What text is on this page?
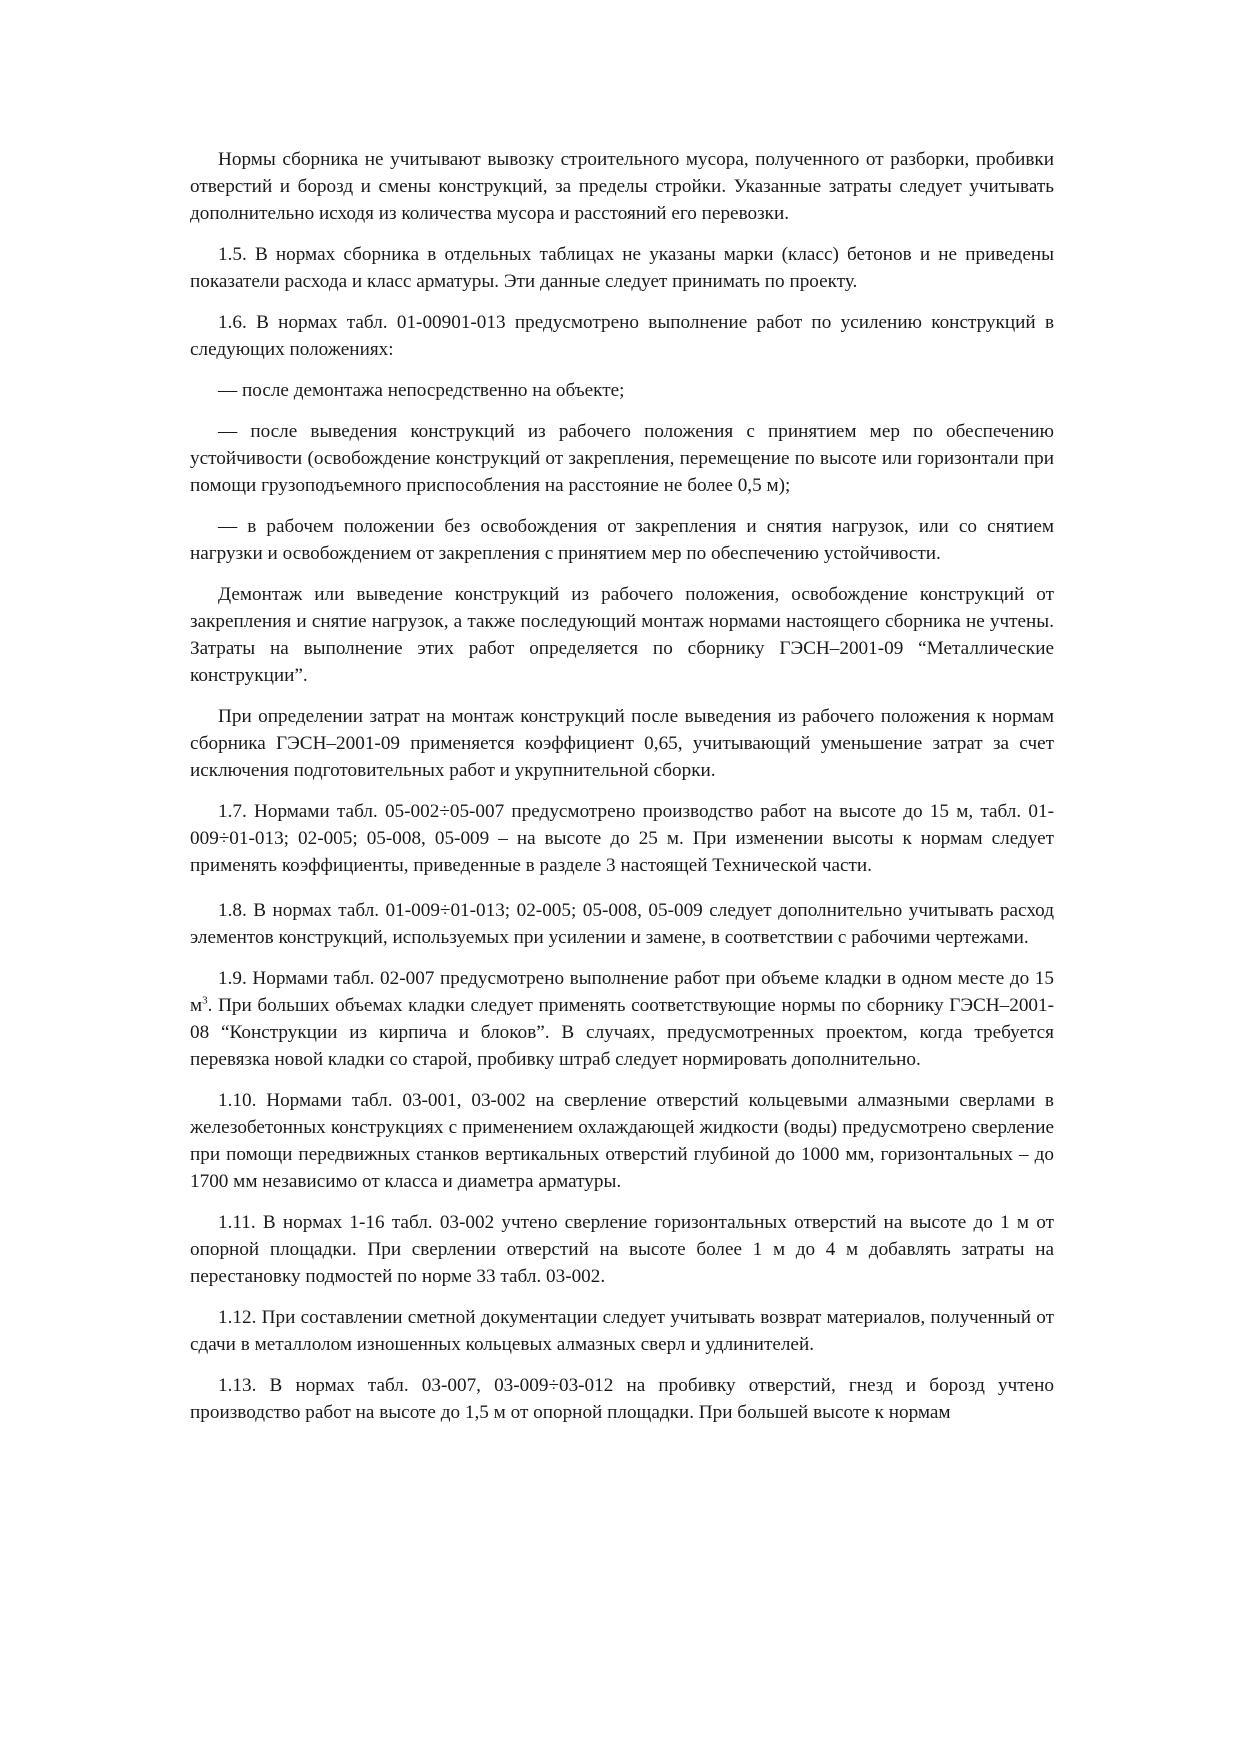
Нормы сборника не учитывают вывозку строительного мусора, полученного от разборки, пробивки отверстий и борозд и смены конструкций, за пределы стройки. Указанные затраты следует учитывать дополнительно исходя из количества мусора и расстояний его перевозки.

1.5. В нормах сборника в отдельных таблицах не указаны марки (класс) бетонов и не приведены показатели расхода и класс арматуры. Эти данные следует принимать по проекту.

1.6. В нормах табл. 01-00901-013 предусмотрено выполнение работ по усилению конструкций в следующих положениях:

— после демонтажа непосредственно на объекте;

— после выведения конструкций из рабочего положения с принятием мер по обеспечению устойчивости (освобождение конструкций от закрепления, перемещение по высоте или горизонтали при помощи грузоподъемного приспособления на расстояние не более 0,5 м);

— в рабочем положении без освобождения от закрепления и снятия нагрузок, или со снятием нагрузки и освобождением от закрепления с принятием мер по обеспечению устойчивости.

Демонтаж или выведение конструкций из рабочего положения, освобождение конструкций от закрепления и снятие нагрузок, а также последующий монтаж нормами настоящего сборника не учтены. Затраты на выполнение этих работ определяется по сборнику ГЭСН–2001-09 “Металлические конструкции”.

При определении затрат на монтаж конструкций после выведения из рабочего положения к нормам сборника ГЭСН–2001-09 применяется коэффициент 0,65, учитывающий уменьшение затрат за счет исключения подготовительных работ и укрупнительной сборки.

1.7. Нормами табл. 05-002÷05-007 предусмотрено производство работ на высоте до 15 м, табл. 01-009÷01-013; 02-005; 05-008, 05-009 – на высоте до 25 м. При изменении высоты к нормам следует применять коэффициенты, приведенные в разделе 3 настоящей Технической части.

1.8. В нормах табл. 01-009÷01-013; 02-005; 05-008, 05-009 следует дополнительно учитывать расход элементов конструкций, используемых при усилении и замене, в соответствии с рабочими чертежами.

1.9. Нормами табл. 02-007 предусмотрено выполнение работ при объеме кладки в одном месте до 15 $м^3$. При больших объемах кладки следует применять соответствующие нормы по сборнику ГЭСН–2001-08 “Конструкции из кирпича и блоков”. В случаях, предусмотренных проектом, когда требуется перевязка новой кладки со старой, пробивку штраб следует нормировать дополнительно.

1.10. Нормами табл. 03-001, 03-002 на сверление отверстий кольцевыми алмазными сверлами в железобетонных конструкциях с применением охлаждающей жидкости (воды) предусмотрено сверление при помощи передвижных станков вертикальных отверстий глубиной до 1000 мм, горизонтальных – до 1700 мм независимо от класса и диаметра арматуры.

1.11. В нормах 1-16 табл. 03-002 учтено сверление горизонтальных отверстий на высоте до 1 м от опорной площадки. При сверлении отверстий на высоте более 1 м до 4 м добавлять затраты на перестановку подмостей по норме 33 табл. 03-002.

1.12. При составлении сметной документации следует учитывать возврат материалов, полученный от сдачи в металлолом изношенных кольцевых алмазных сверл и удлинителей.

1.13. В нормах табл. 03-007, 03-009÷03-012 на пробивку отверстий, гнезд и борозд учтено производство работ на высоте до 1,5 м от опорной площадки. При большей высоте к нормам
